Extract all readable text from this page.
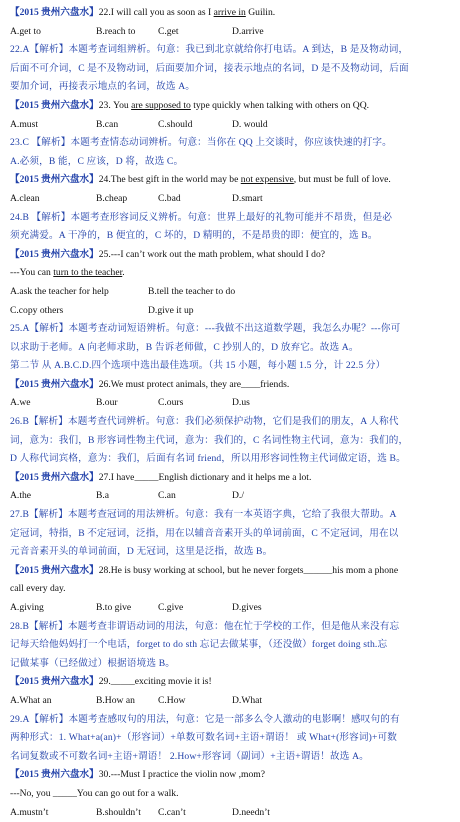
【2015 贵州六盘水】22.I will call you as soon as I arrive in Guilin.
A.get to	B.reach to C.get	D.arrive
22.A【解析】本题考查词组辨析。句意：我已到北京就给你打电话。A 到达，B 是及物动词，
后面不可介词，C 是不及物动词，后面要加介词，接表示地点的名词，D 是不及物动词，后面
要加介词，再接表示地点的名词，故选 A。
【2015 贵州六盘水】23. You are supposed to type quickly when talking with others on QQ.
A.must	B.can	C.should	D. would
23.C 【解析】本题考查情态动词辨析。句意：当你在 QQ 上交谈时，你应该快速的打字。
A.必须，B 能，C 应该，D 将，故选 C。
【2015 贵州六盘水】24.The best gift in the world may be not expensive, but must be full of love.
A.clean	B.cheap	C.bad	D.smart
24.B 【解析】本题考查形容词反义辨析。句意：世界上最好的礼物可能并不昂贵，但是必
须充满爱。A 干净的，B 便宜的，C 坏的，D 精明的，不是昂贵的即：便宜的，选 B。
【2015 贵州六盘水】25.---I can’t work out the math problem, what should I do?
---You can turn to the teacher.
A.ask the teacher for help	B.tell the teacher to do
C.copy others	D.give it up
25.A【解析】本题考查动词短语辨析。句意：---我做不出这道数学题，我怎么办呢？---你可
以求助于老师。A 向老师求助，B 告诉老师做，C 抄别人的，D 放弃它。故选 A。
第二节 从 A.B.C.D.四个选项中选出最佳选项。（共 15 小题，每小题 1.5 分，计 22.5 分）
【2015 贵州六盘水】26.We must protect animals, they are____friends.
A.we	B.our	C.ours	D.us
26.B【解析】本题考查代词辨析。句意：我们必须保护动物，它们是我们的朋友，A 人称代
词，意为：我们，B 形容词性物主代词，意为：我们的，C 名词性物主代词，意为：我们的，
D 人称代词宾格，意为：我们，后面有名词 friend，所以用形容词性物主代词做定语，选 B。
【2015 贵州六盘水】27.I have_____English dictionary and it helps me a lot.
A.the	B.a	C.an	D./
27.B【解析】本题考查冠词的用法辨析。句意：我有一本英语字典，它给了我很大帮助。A
定冠词，特指，B 不定冠词，泛指，用在以辅音音素开头的单词前面，C 不定冠词，用在以
元音音素开头的单词前面，D 无冠词，这里是泛指，故选 B。
【2015 贵州六盘水】28.He is busy working at school, but he never forgets______his mom a phone
call every day.
A.giving	B.to give	C.give	D.gives
28.B【解析】本题考查非谓语动词的用法，句意：他在忙于学校的工作，但是他从来没有忘
记每天给他妈妈打一个电话，forget to do sth 忘记去做某事，（还没做）forget doing sth.忘
记做某事（已经做过）根据语境选 B。
【2015 贵州六盘水】29._____exciting movie it is!
A.What an	B.How an C.How	D.What
29.A【解析】本题考查感叹句的用法，句意：它是一部多么令人激动的电影啊！感叹句的有
两种形式：1. What+a(an)+（形容词）+单数可数名词+主语+谓语！ 或 What+(形容词)+可数
名词复数或不可数名词+主语+谓语！ 2.How+形容词（副词）+主语+谓语！故选 A。
【2015 贵州六盘水】30.---Must I practice the violin now ,mom?
---No, you _____You can go out for a walk.
A.mustn’t	B.shouldn’t C.can’t	D.needn’t
